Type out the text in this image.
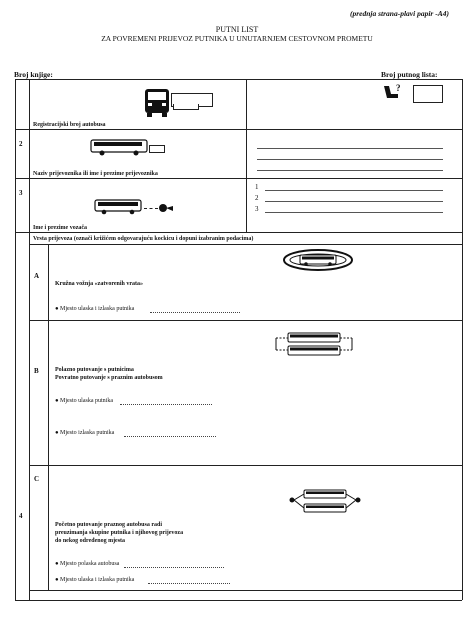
(prednja strana-plavi papir -A4)
PUTNI LIST
ZA POVREMENI PRIJEVOZ PUTNIKA U UNUTARNJEM CESTOVNOM PROMETU
Broj knjige:	Broj putnog lista:
Registracijski broj autobusa
?
2
Naziv prijevoznika ili ime i prezime prijevoznika
3
Ime i prezime vozača
1
2
3
Vrsta prijevoza (označi križićem odgovarajuću kockicu i dopuni izabranim podacima)
A
Kružna vožnja «zatvorenih vrata»
● Mjesto ulaska i izlaska putnika
B	Polazno putovanje s putnicima
Povratno putovanje s praznim autobusom
● Mjesto ulaska putnika
● Mjesto izlaska putnika
C
4
Početno putovanje praznog autobusa radi
preuzimanja skupine putnika i njihovog prijevoza
do nekog određenog mjesta
● Mjesto polaska autobusa
● Mjesto ulaska i izlaska putnika
